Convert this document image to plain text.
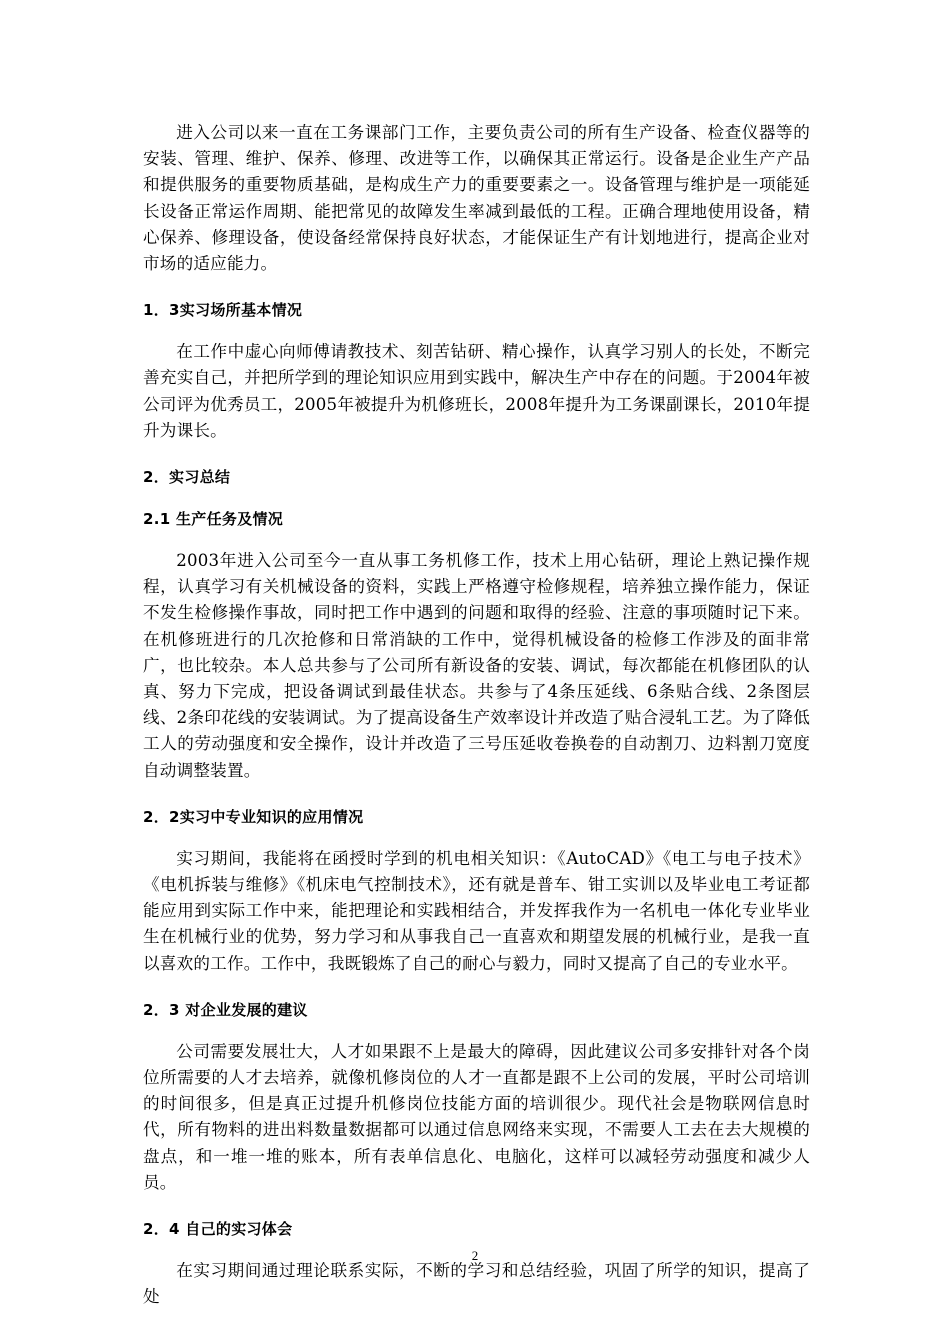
进入公司以来一直在工务课部门工作，主要负责公司的所有生产设备、检查仪器等的安装、管理、维护、保养、修理、改进等工作，以确保其正常运行。设备是企业生产产品和提供服务的重要物质基础，是构成生产力的重要要素之一。设备管理与维护是一项能延长设备正常运作周期、能把常见的故障发生率减到最低的工程。正确合理地使用设备，精心保养、修理设备，使设备经常保持良好状态，才能保证生产有计划地进行，提高企业对市场的适应能力。

1．3实习场所基本情况

在工作中虚心向师傅请教技术、刻苦钻研、精心操作，认真学习别人的长处，不断完善充实自己，并把所学到的理论知识应用到实践中，解决生产中存在的问题。于2004年被公司评为优秀员工，2005年被提升为机修班长，2008年提升为工务课副课长，2010年提升为课长。

2．实习总结

2.1 生产任务及情况

2003年进入公司至今一直从事工务机修工作，技术上用心钻研，理论上熟记操作规程，认真学习有关机械设备的资料，实践上严格遵守检修规程，培养独立操作能力，保证不发生检修操作事故，同时把工作中遇到的问题和取得的经验、注意的事项随时记下来。在机修班进行的几次抢修和日常消缺的工作中，觉得机械设备的检修工作涉及的面非常广，也比较杂。本人总共参与了公司所有新设备的安装、调试，每次都能在机修团队的认真、努力下完成，把设备调试到最佳状态。共参与了4条压延线、6条贴合线、2条图层线、2条印花线的安装调试。为了提高设备生产效率设计并改造了贴合浸轧工艺。为了降低工人的劳动强度和安全操作，设计并改造了三号压延收卷换卷的自动割刀、边料割刀宽度自动调整装置。

2．2实习中专业知识的应用情况

实习期间，我能将在函授时学到的机电相关知识：《AutoCAD》《电工与电子技术》《电机拆装与维修》《机床电气控制技术》，还有就是普车、钳工实训以及毕业电工考证都能应用到实际工作中来，能把理论和实践相结合，并发挥我作为一名机电一体化专业毕业生在机械行业的优势，努力学习和从事我自己一直喜欢和期望发展的机械行业，是我一直以喜欢的工作。工作中，我既锻炼了自己的耐心与毅力，同时又提高了自己的专业水平。

2．3 对企业发展的建议

公司需要发展壮大，人才如果跟不上是最大的障碍，因此建议公司多安排针对各个岗位所需要的人才去培养，就像机修岗位的人才一直都是跟不上公司的发展，平时公司培训的时间很多，但是真正过提升机修岗位技能方面的培训很少。现代社会是物联网信息时代，所有物料的进出料数量数据都可以通过信息网络来实现，不需要人工去在去大规模的盘点，和一堆一堆的账本，所有表单信息化、电脑化，这样可以减轻劳动强度和减少人员。

2．4 自己的实习体会

在实习期间通过理论联系实际，不断的学习和总结经验，巩固了所学的知识，提高了处

2
